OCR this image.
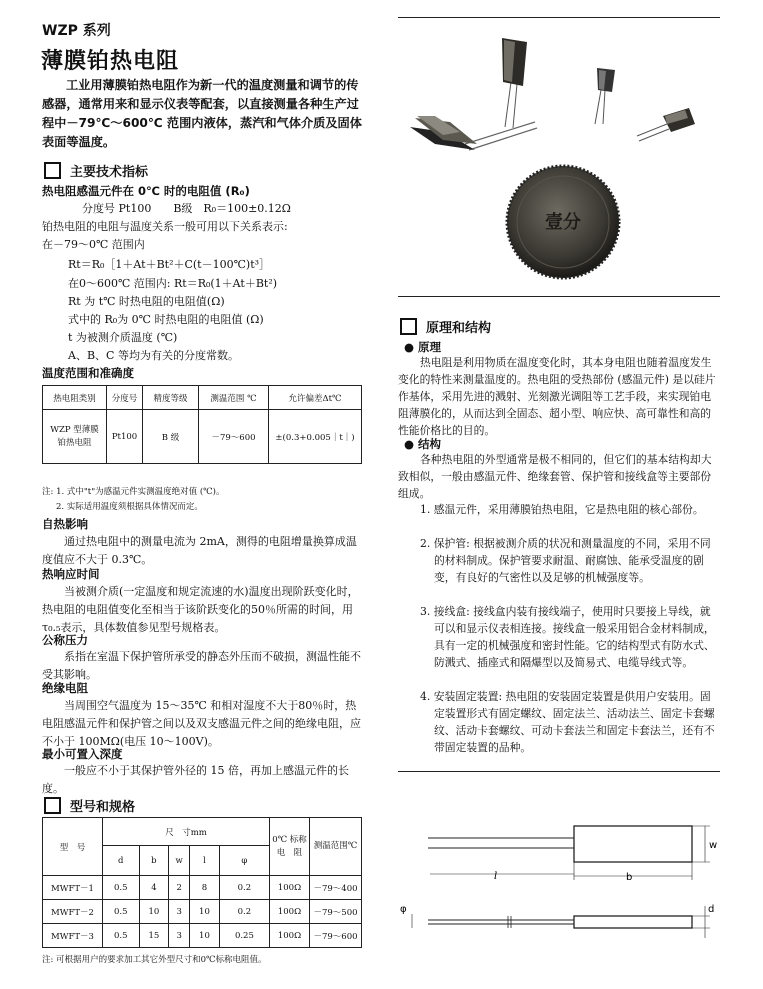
WZP 系列
薄膜铂热电阻
工业用薄膜铂热电阻作为新一代的温度测量和调节的传感器，通常用来和显示仪表等配套，以直接测量各种生产过程中－79℃～600℃ 范围内液体，蒸汽和气体介质及固体表面等温度。
壹分
主要技术指标
热电阻感温元件在 0℃ 时的电阻值 (R₀)
分度号 Pt100　　B级　R₀＝100±0.12Ω
铂热电阻的电阻与温度关系一般可用以下关系表示:
在－79～0℃ 范围内
Rt＝R₀［1＋At＋Bt²＋C(t－100℃)t³］
在0～600℃ 范围内: Rt＝R₀(1＋At＋Bt²)
Rt 为 t℃ 时热电阻的电阻值(Ω)
式中的 R₀为 0℃ 时热电阻的电阻值 (Ω)
t 为被测介质温度 (℃)
A、B、C 等均为有关的分度常数。
温度范围和准确度
热电阻类别	分度号	精度等级	测温范围 ℃	允许偏差Δt℃
WZP 型薄膜铂热电阻	Pt100	B 级	－79～600	±(0.3+0.005｜t｜)
注: 1. 式中"t"为感温元件实测温度绝对值 (℃)。
2. 实际适用温度须根据具体情况而定。
自热影响
通过热电阻中的测量电流为 2mA，测得的电阻增量换算成温度值应不大于 0.3℃。
热响应时间
当被测介质(一定温度和规定流速的水)温度出现阶跃变化时，热电阻的电阻值变化至相当于该阶跃变化的50％所需的时间，用τ₀.₅表示，具体数值参见型号规格表。
公称压力
系指在室温下保护管所承受的静态外压而不破损，测温性能不受其影响。
绝缘电阻
当周围空气温度为 15～35℃ 和相对湿度不大于80％时，热电阻感温元件和保护管之间以及双支感温元件之间的绝缘电阻，应不小于 100MΩ(电压 10～100V)。
最小可置入深度
一般应不小于其保护管外径的 15 倍，再加上感温元件的长度。
型号和规格
型　号	尺　寸mm					0℃ 标称电　阻	测温范围℃
	d	b	w	l	φ		
MWFT－1	0.5	4	2	8	0.2	100Ω	－79～400
MWFT－2	0.5	10	3	10	0.2	100Ω	－79～500
MWFT－3	0.5	15	3	10	0.25	100Ω	－79～600
注: 可根据用户的要求加工其它外型尺寸和0℃标称电阻值。
原理和结构
● 原理
热电阻是利用物质在温度变化时，其本身电阻也随着温度发生变化的特性来测量温度的。热电阻的受热部份 (感温元件) 是以硅片作基体，采用先进的溅射、光刻激光调阻等工艺手段，来实现铂电阻薄膜化的，从而达到全固态、超小型、响应快、高可靠性和高的性能价格比的目的。
● 结构
各种热电阻的外型通常是极不相同的，但它们的基本结构却大致相似，一般由感温元件、绝缘套管、保护管和接线盒等主要部份组成。
1. 感温元件，采用薄膜铂热电阻，它是热电阻的核心部份。
2. 保护管: 根据被测介质的状况和测量温度的不同，采用不同的材料制成。保护管要求耐温、耐腐蚀、能承受温度的剧变，有良好的气密性以及足够的机械强度等。
3. 接线盒: 接线盒内装有接线端子，使用时只要接上导线，就可以和显示仪表相连接。接线盒一般采用铝合金材料制成，具有一定的机械强度和密封性能。它的结构型式有防水式、防溅式、插座式和隔爆型以及简易式、电缆导线式等。
4. 安装固定装置: 热电阻的安装固定装置是供用户安装用。固定装置形式有固定螺纹、固定法兰、活动法兰、固定卡套螺纹、活动卡套螺纹、可动卡套法兰和固定卡套法兰，还有不带固定装置的品种。
w
l	b
φ	d
